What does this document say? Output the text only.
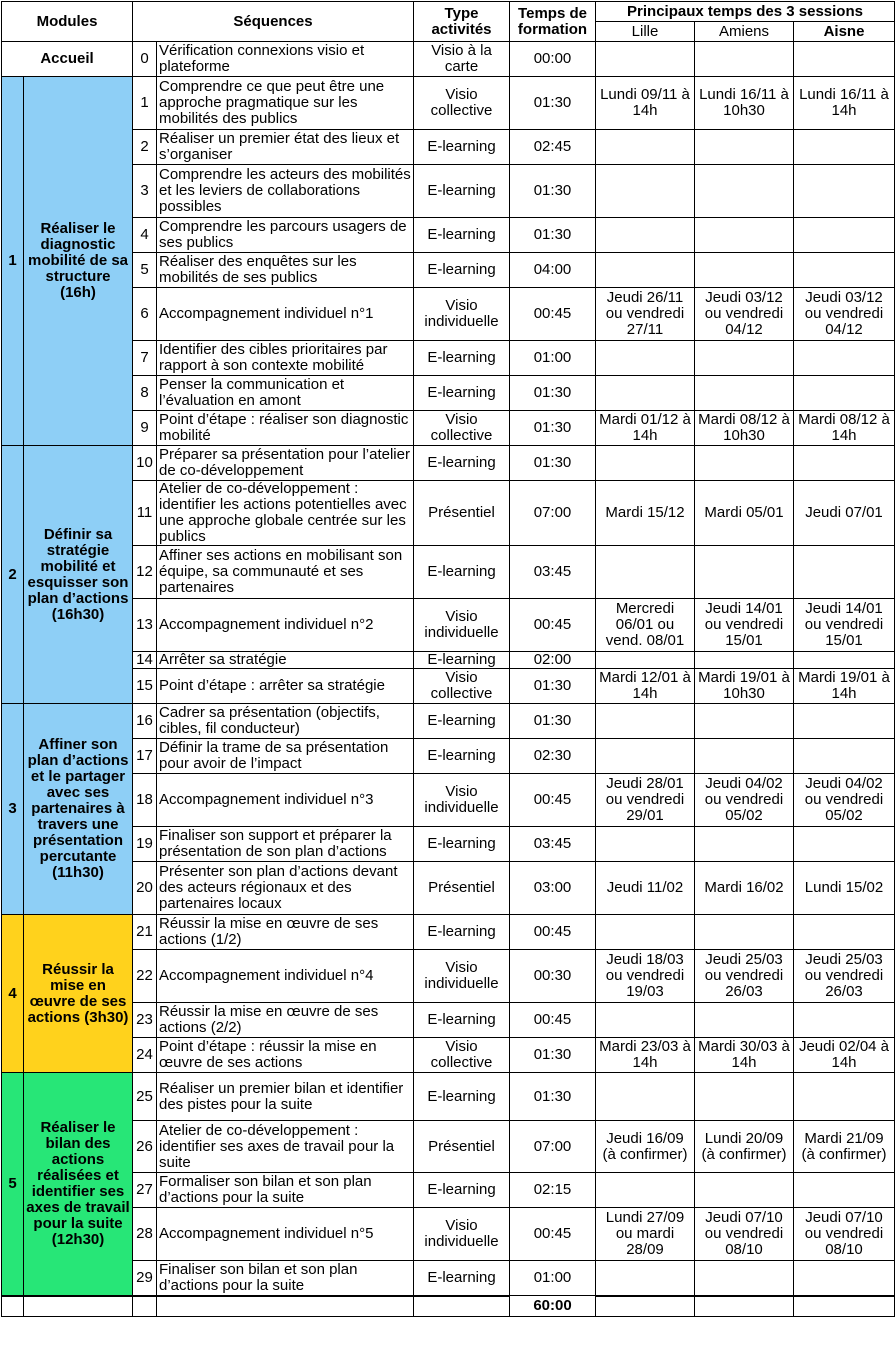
Modules		Séquences		Type activités	Temps de formation	Principaux temps des 3 sessions		
						Lille	Amiens	Aisne
Accueil		0	Vérification connexions visio et plateforme	Visio à la carte	00:00			
1	Réaliser le diagnostic mobilité de sa structure (16h)	1	Comprendre ce que peut être une approche pragmatique sur les mobilités des publics	Visio collective	01:30	Lundi 09/11 à 14h	Lundi 16/11 à 10h30	Lundi 16/11 à 14h
		2	Réaliser un premier état des lieux et s’organiser	E-learning	02:45			
		3	Comprendre les acteurs des mobilités et les leviers de collaborations possibles	E-learning	01:30			
		4	Comprendre les parcours usagers de ses publics	E-learning	01:30			
		5	Réaliser des enquêtes sur les mobilités de ses publics	E-learning	04:00			
		6	Accompagnement individuel n°1	Visio individuelle	00:45	Jeudi 26/11 ou vendredi 27/11	Jeudi 03/12 ou vendredi 04/12	Jeudi 03/12 ou vendredi 04/12
		7	Identifier des cibles prioritaires par rapport à son contexte mobilité	E-learning	01:00			
		8	Penser la communication et l’évaluation en amont	E-learning	01:30			
		9	Point d’étape : réaliser son diagnostic mobilité	Visio collective	01:30	Mardi 01/12 à 14h	Mardi 08/12 à 10h30	Mardi 08/12 à 14h
2	Définir sa stratégie mobilité et esquisser son plan d’actions (16h30)	10	Préparer sa présentation pour l’atelier de co-développement	E-learning	01:30			
		11	Atelier de co-développement : identifier les actions potentielles avec une approche globale centrée sur les publics	Présentiel	07:00	Mardi 15/12	Mardi 05/01	Jeudi 07/01
		12	Affiner ses actions en mobilisant son équipe, sa communauté et ses partenaires	E-learning	03:45			
		13	Accompagnement individuel n°2	Visio individuelle	00:45	Mercredi 06/01 ou vend. 08/01	Jeudi 14/01 ou vendredi 15/01	Jeudi 14/01 ou vendredi 15/01
		14	Arrêter sa stratégie	E-learning	02:00			
		15	Point d’étape : arrêter sa stratégie	Visio collective	01:30	Mardi 12/01 à 14h	Mardi 19/01 à 10h30	Mardi 19/01 à 14h
3	Affiner son plan d’actions et le partager avec ses partenaires à travers une présentation percutante (11h30)	16	Cadrer sa présentation (objectifs, cibles, fil conducteur)	E-learning	01:30			
		17	Définir la trame de sa présentation pour avoir de l’impact	E-learning	02:30			
		18	Accompagnement individuel n°3	Visio individuelle	00:45	Jeudi 28/01 ou vendredi 29/01	Jeudi 04/02 ou vendredi 05/02	Jeudi 04/02 ou vendredi 05/02
		19	Finaliser son support et préparer la présentation de son plan d’actions	E-learning	03:45			
		20	Présenter son plan d’actions devant des acteurs régionaux et des partenaires locaux	Présentiel	03:00	Jeudi 11/02	Mardi 16/02	Lundi 15/02
4	Réussir la mise en œuvre de ses actions (3h30)	21	Réussir la mise en œuvre de ses actions (1/2)	E-learning	00:45			
		22	Accompagnement individuel n°4	Visio individuelle	00:30	Jeudi 18/03 ou vendredi 19/03	Jeudi 25/03 ou vendredi 26/03	Jeudi 25/03 ou vendredi 26/03
		23	Réussir la mise en œuvre de ses actions (2/2)	E-learning	00:45			
		24	Point d’étape : réussir la mise en œuvre de ses actions	Visio collective	01:30	Mardi 23/03 à 14h	Mardi 30/03 à 14h	Jeudi 02/04 à 14h
5	Réaliser le bilan des actions réalisées et identifier ses axes de travail pour la suite (12h30)	25	Réaliser un premier bilan et identifier des pistes pour la suite	E-learning	01:30			
		26	Atelier de co-développement : identifier ses axes de travail pour la suite	Présentiel	07:00	Jeudi 16/09 (à confirmer)	Lundi 20/09 (à confirmer)	Mardi 21/09 (à confirmer)
		27	Formaliser son bilan et son plan d’actions pour la suite	E-learning	02:15			
		28	Accompagnement individuel n°5	Visio individuelle	00:45	Lundi 27/09 ou mardi 28/09	Jeudi 07/10 ou vendredi 08/10	Jeudi 07/10 ou vendredi 08/10
		29	Finaliser son bilan et son plan d’actions pour la suite	E-learning	01:00			
					60:00			
